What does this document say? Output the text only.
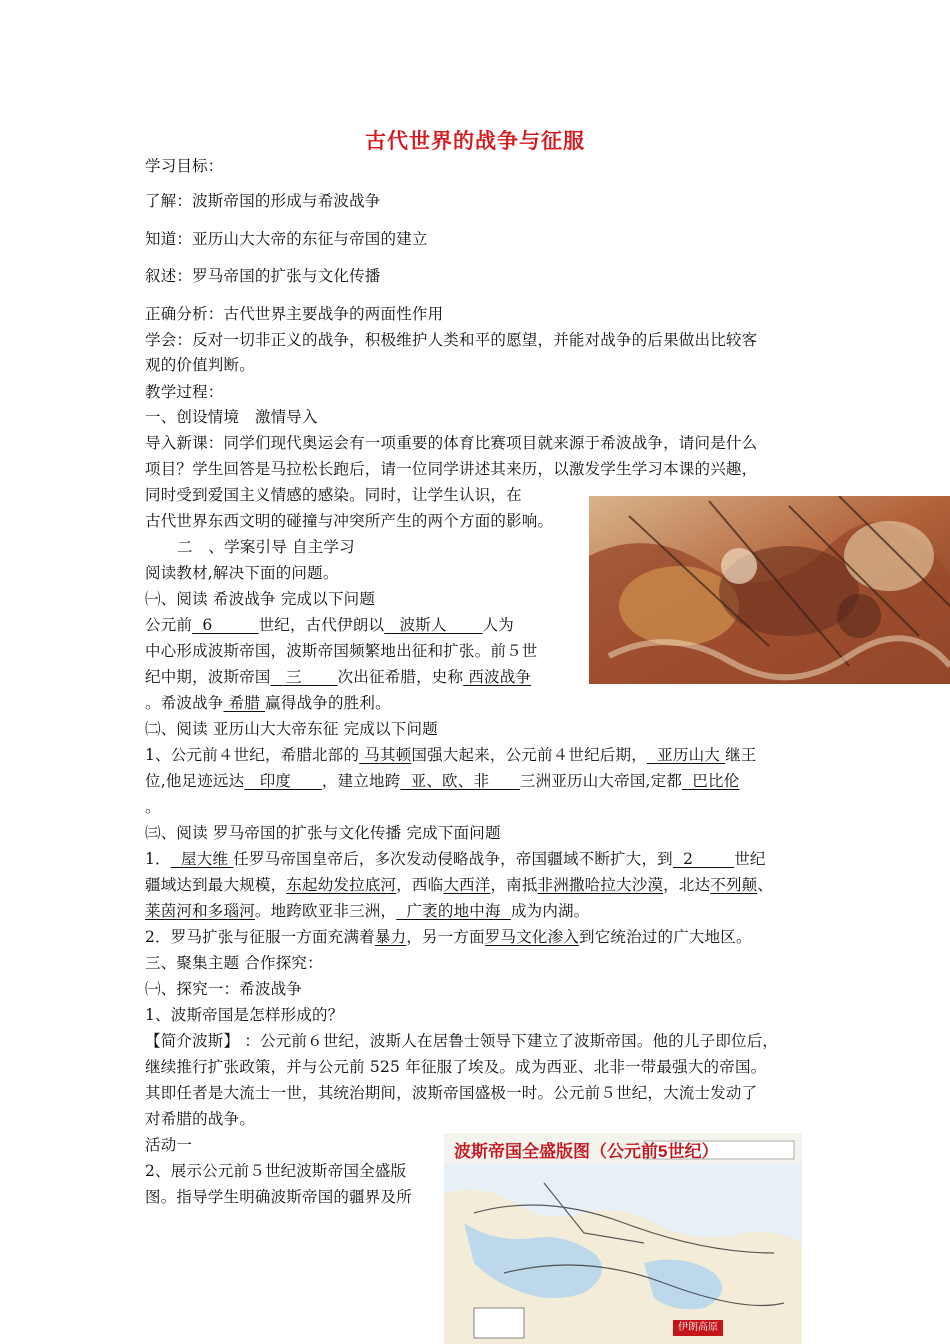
古代世界的战争与征服
学习目标：
了解：波斯帝国的形成与希波战争
知道：亚历山大大帝的东征与帝国的建立
叙述：罗马帝国的扩张与文化传播
正确分析：古代世界主要战争的两面性作用
学会：反对一切非正义的战争，积极维护人类和平的愿望，并能对战争的后果做出比较客
观的价值判断。
教学过程：
一、创设情境　激情导入
导入新课：同学们现代奥运会有一项重要的体育比赛项目就来源于希波战争，请问是什么
项目？学生回答是马拉松长跑后，请一位同学讲述其来历，以激发学生学习本课的兴趣，
同时受到爱国主义情感的感染。同时，让学生认识，在
古代世界东西文明的碰撞与冲突所产生的两个方面的影响。
二　、学案引导 自主学习
阅读教材,解决下面的问题。
㈠、阅读 希波战争 完成以下问题
公元前  6         世纪，古代伊朗以   波斯人       人为
中心形成波斯帝国，波斯帝国频繁地出征和扩张。前５世
纪中期，波斯帝国   三       次出征希腊，史称 西波战争
。希波战争 希腊 赢得战争的胜利。
㈡、阅读 亚历山大大帝东征 完成以下问题
1、公元前４世纪，希腊北部的 马其顿国强大起来，公元前４世纪后期，  亚历山大 继王
位,他足迹远达   印度      ，建立地跨  亚、欧、非      三洲亚历山大帝国,定都  巴比伦
。
㈢、阅读 罗马帝国的扩张与文化传播 完成下面问题
1．  屋大维 任罗马帝国皇帝后，多次发动侵略战争，帝国疆域不断扩大，到  2        世纪
疆域达到最大规模，东起幼发拉底河，西临大西洋，南抵非洲撒哈拉大沙漠，北达不列颠、
莱茵河和多瑙河。地跨欧亚非三洲，  广袤的地中海  成为内湖。
2．罗马扩张与征服一方面充满着暴力，另一方面罗马文化渗入到它统治过的广大地区。
三、聚集主题 合作探究：
㈠、探究一：希波战争
1、波斯帝国是怎样形成的？
【简介波斯】 ：公元前６世纪，波斯人在居鲁士领导下建立了波斯帝国。他的儿子即位后，
继续推行扩张政策，并与公元前 525 年征服了埃及。成为西亚、北非一带最强大的帝国。
其即任者是大流士一世，其统治期间，波斯帝国盛极一时。公元前５世纪，大流士发动了
对希腊的战争。
活动一
2、展示公元前５世纪波斯帝国全盛版
图。指导学生明确波斯帝国的疆界及所
波斯帝国全盛版图（公元前5世纪）
伊朗高原
